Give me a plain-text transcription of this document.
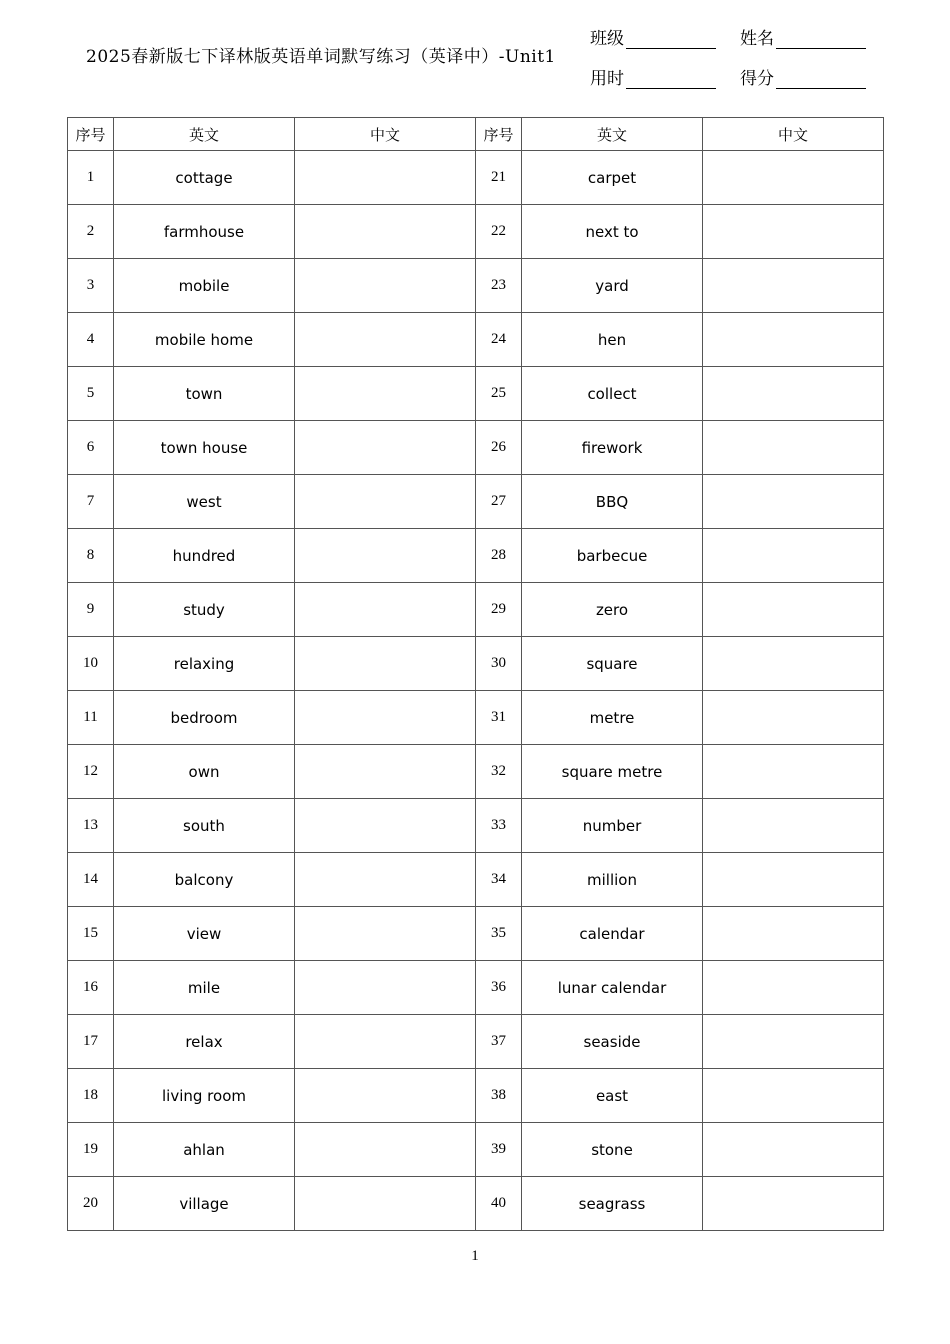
2025春新版七下译林版英语单词默写练习（英译中）-Unit1
班级	姓名
用时	得分
序号	英文	中文	序号	英文	中文
1	cottage		21	carpet	
2	farmhouse		22	next to	
3	mobile		23	yard	
4	mobile home		24	hen	
5	town		25	collect	
6	town house		26	firework	
7	west		27	BBQ	
8	hundred		28	barbecue	
9	study		29	zero	
10	relaxing		30	square	
11	bedroom		31	metre	
12	own		32	square metre	
13	south		33	number	
14	balcony		34	million	
15	view		35	calendar	
16	mile		36	lunar calendar	
17	relax		37	seaside	
18	living room		38	east	
19	ahlan		39	stone	
20	village		40	seagrass	
1
